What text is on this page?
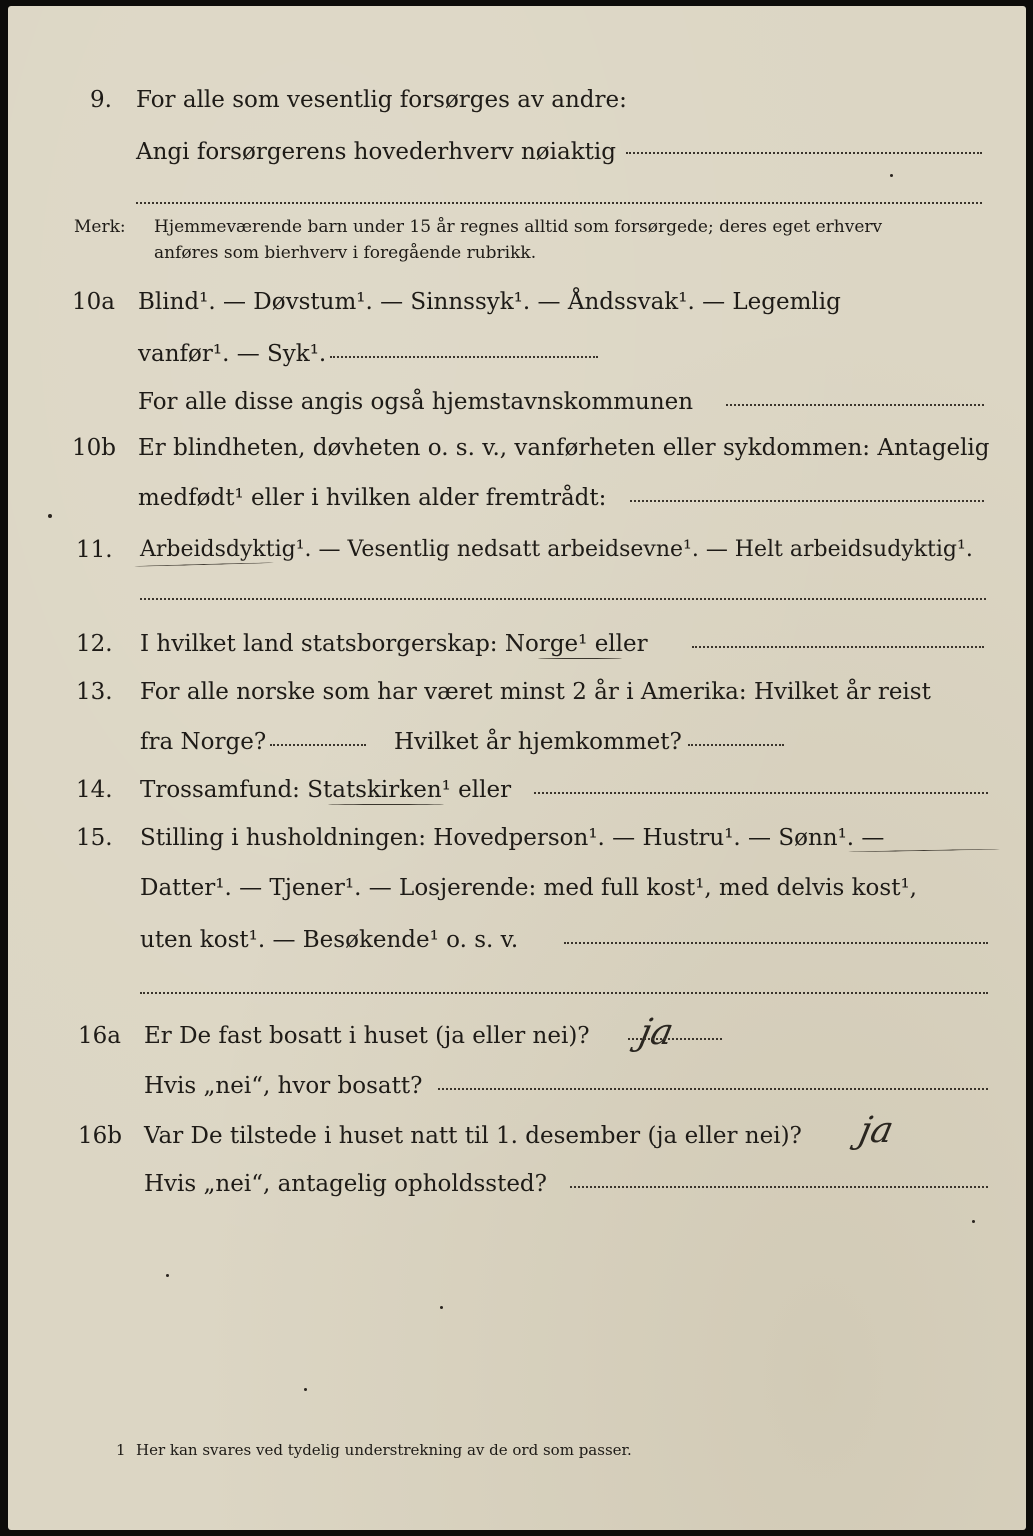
9. For alle som vesentlig forsørges av andre:
Angi forsørgerens hovederhverv nøiaktig
Merk: Hjemmeværende barn under 15 år regnes alltid som forsørgede; deres eget erhverv
anføres som bierhverv i foregående rubrikk.
10a Blind¹. — Døvstum¹. — Sinnssyk¹. — Åndssvak¹. — Legemlig
vanfør¹. — Syk¹.
For alle disse angis også hjemstavnskommunen
10b Er blindheten, døvheten o. s. v., vanførheten eller sykdommen: Antagelig
medfødt¹ eller i hvilken alder fremtrådt:
11. Arbeidsdyktig¹. — Vesentlig nedsatt arbeidsevne¹. — Helt arbeidsudyktig¹.
12. I hvilket land statsborgerskap: Norge¹ eller
13. For alle norske som har været minst 2 år i Amerika: Hvilket år reist
fra Norge?	Hvilket år hjemkommet?
14. Trossamfund: Statskirken¹ eller
15. Stilling i husholdningen: Hovedperson¹. — Hustru¹. — Sønn¹. —
Datter¹. — Tjener¹. — Losjerende: med full kost¹, med delvis kost¹,
uten kost¹. — Besøkende¹ o. s. v.
16a Er De fast bosatt i huset (ja eller nei)? ja
Hvis „nei“, hvor bosatt?
16b Var De tilstede i huset natt til 1. desember (ja eller nei)? ja
Hvis „nei“, antagelig opholdssted?
1 Her kan svares ved tydelig understrekning av de ord som passer.
